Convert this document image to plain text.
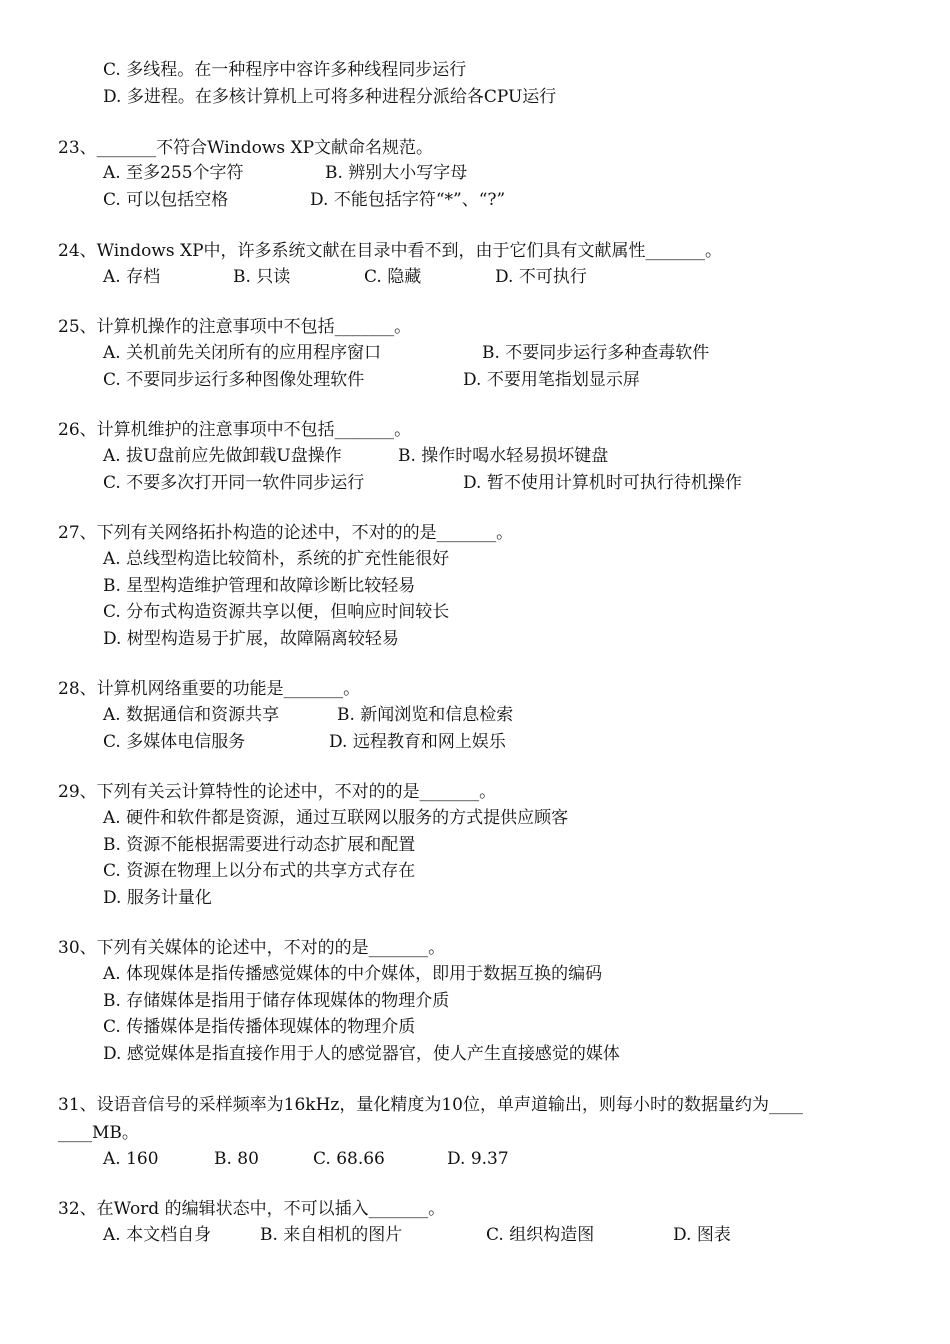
C. 多线程。在一种程序中容许多种线程同步运行
D. 多进程。在多核计算机上可将多种进程分派给各CPU运行
23、_______不符合Windows XP文献命名规范。
A. 至多255个字符	B. 辨别大小写字母
C. 可以包括空格	D. 不能包括字符“*”、“?”
24、Windows XP中，许多系统文献在目录中看不到，由于它们具有文献属性_______。
A. 存档	B. 只读	C. 隐藏	D. 不可执行
25、计算机操作的注意事项中不包括_______。
A. 关机前先关闭所有的应用程序窗口	B. 不要同步运行多种查毒软件
C. 不要同步运行多种图像处理软件	D. 不要用笔指划显示屏
26、计算机维护的注意事项中不包括_______。
A. 拔U盘前应先做卸载U盘操作	B. 操作时喝水轻易损坏键盘
C. 不要多次打开同一软件同步运行	D. 暂不使用计算机时可执行待机操作
27、下列有关网络拓扑构造的论述中，不对的的是_______。
A. 总线型构造比较简朴，系统的扩充性能很好
B. 星型构造维护管理和故障诊断比较轻易
C. 分布式构造资源共享以便，但响应时间较长
D. 树型构造易于扩展，故障隔离较轻易
28、计算机网络重要的功能是_______。
A. 数据通信和资源共享	B. 新闻浏览和信息检索
C. 多媒体电信服务	D. 远程教育和网上娱乐
29、下列有关云计算特性的论述中，不对的的是_______。
A. 硬件和软件都是资源，通过互联网以服务的方式提供应顾客
B. 资源不能根据需要进行动态扩展和配置
C. 资源在物理上以分布式的共享方式存在
D. 服务计量化
30、下列有关媒体的论述中，不对的的是_______。
A. 体现媒体是指传播感觉媒体的中介媒体，即用于数据互换的编码
B. 存储媒体是指用于储存体现媒体的物理介质
C. 传播媒体是指传播体现媒体的物理介质
D. 感觉媒体是指直接作用于人的感觉器官，使人产生直接感觉的媒体
31、设语音信号的采样频率为16kHz，量化精度为10位，单声道输出，则每小时的数据量约为____
____MB。
A. 160	B. 80	C. 68.66	D. 9.37
32、在Word 的编辑状态中，不可以插入_______。
A. 本文档自身	B. 来自相机的图片	C. 组织构造图	D. 图表
